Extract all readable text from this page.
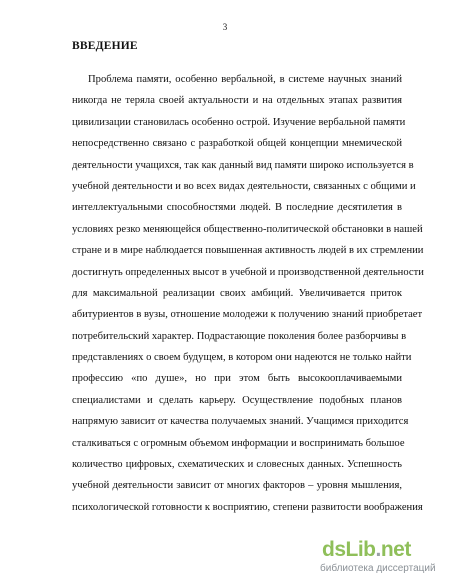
3
ВВЕДЕНИЕ
Проблема памяти, особенно вербальной, в системе научных знаний
никогда не теряла своей актуальности и на отдельных этапах развития
цивилизации становилась особенно острой. Изучение вербальной памяти
непосредственно связано с разработкой общей концепции мнемической
деятельности учащихся, так как данный вид памяти широко используется в
учебной деятельности и во всех видах деятельности, связанных с общими и
интеллектуальными способностями людей. В последние десятилетия в
условиях резко меняющейся общественно-политической обстановки в нашей
стране и в мире наблюдается повышенная активность людей в их стремлении
достигнуть определенных высот в учебной и производственной деятельности
для максимальной реализации своих амбиций. Увеличивается приток
абитуриентов в вузы, отношение молодежи к получению знаний приобретает
потребительский характер. Подрастающие поколения более разборчивы в
представлениях о своем будущем, в котором они надеются не только найти
профессию «по душе», но при этом быть высокооплачиваемыми
специалистами и сделать карьеру. Осуществление подобных планов
напрямую зависит от качества получаемых знаний. Учащимся приходится
сталкиваться с огромным объемом информации и воспринимать большое
количество цифровых, схематических и словесных данных. Успешность
учебной деятельности зависит от многих факторов – уровня мышления,
психологической готовности к восприятию, степени развитости воображения
dsLib.net
библиотека диссертаций
